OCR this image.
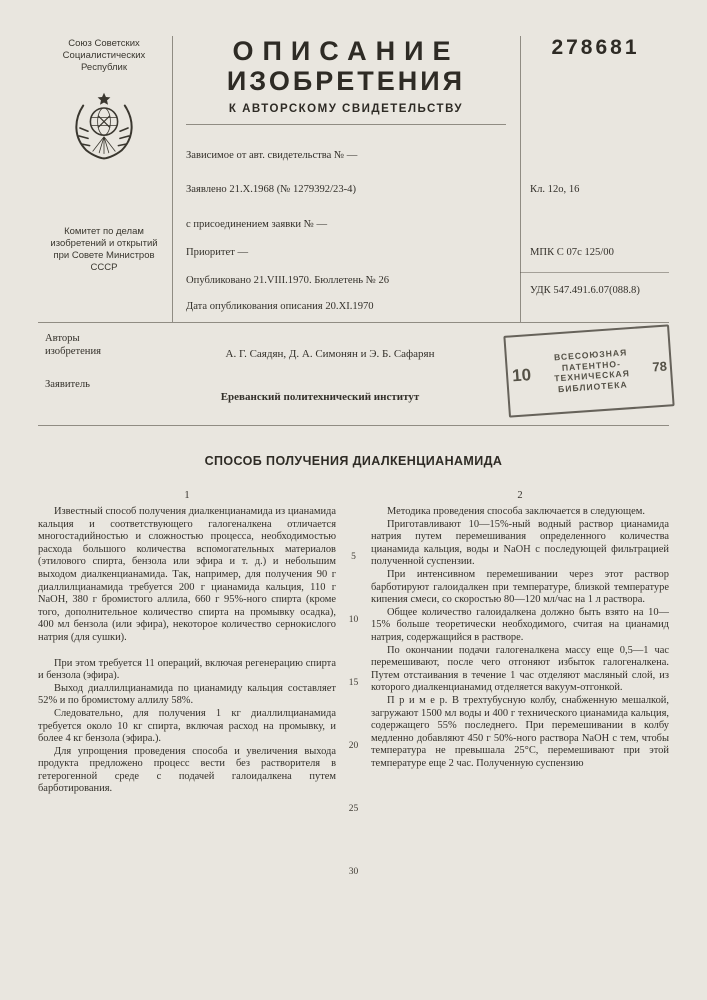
Союз Советских
Социалистических
Республик
Комитет по делам
изобретений и открытий
при Совете Министров
СССР
ОПИСАНИЕ
ИЗОБРЕТЕНИЯ
К АВТОРСКОМУ СВИДЕТЕЛЬСТВУ
Зависимое от авт. свидетельства № —
Заявлено 21.X.1968 (№ 1279392/23-4)
с присоединением заявки № —
Приоритет —
Опубликовано 21.VIII.1970. Бюллетень № 26
Дата опубликования описания 20.XI.1970
278681
Кл. 12о, 16
МПК С 07с 125/00
УДК 547.491.6.07(088.8)
Авторы
изобретения	А. Г. Саядян, Д. А. Симонян и Э. Б. Сафарян
Заявитель
Ереванский политехнический институт
10
ВСЕСОЮЗНАЯ
ПАТЕНТНО-
ТЕХНИЧЕСКАЯ
БИБЛИОТЕКА
78
СПОСОБ ПОЛУЧЕНИЯ ДИАЛКЕНЦИАНАМИДА
1

Известный способ получения диалкенцианамида из цианамида кальция и соответствующего галогеналкена отличается многостадийностью и сложностью процесса, необходимостью расхода большого количества вспомогательных материалов (этилового спирта, бензола или эфира и т. д.) и небольшим выходом диалкенцианамида. Так, например, для получения 90 г диаллилцианамида требуется 200 г цианамида кальция, 110 г NaOH, 380 г бромистого аллила, 660 г 95%-ного спирта (кроме того, дополнительное количество спирта на промывку осадка), 400 мл бензола (или эфира), некоторое количество сернокислого натрия (для сушки).

При этом требуется 11 операций, включая регенерацию спирта и бензола (эфира).

Выход диаллилцианамида по цианамиду кальция составляет 52% и по бромистому аллилу 58%.

Следовательно, для получения 1 кг диаллилцианамида требуется около 10 кг спирта, включая расход на промывку, и более 4 кг бензола (эфира.).

Для упрощения проведения способа и увеличения выхода продукта предложено процесс вести без растворителя в гетерогенной среде с подачей галоидалкена путем барботирования.

5
10
15
20
25
30
2

Методика проведения способа заключается в следующем.

Приготавливают 10—15%-ный водный раствор цианамида натрия путем перемешивания определенного количества цианамида кальция, воды и NaOH с последующей фильтрацией полученной суспензии.

При интенсивном перемешивании через этот раствор барботируют галоидалкен при температуре, близкой температуре кипения смеси, со скоростью 80—120 мл/час на 1 л раствора.

Общее количество галоидалкена должно быть взято на 10—15% больше теоретически необходимого, считая на цианамид натрия, содержащийся в растворе.

По окончании подачи галогеналкена массу еще 0,5—1 час перемешивают, после чего отгоняют избыток галогеналкена. Путем отстаивания в течение 1 час отделяют масляный слой, из которого диалкенцианамид отделяется вакуум-отгонкой.

П р и м е р. В трехтубусную колбу, снабженную мешалкой, загружают 1500 мл воды и 400 г технического цианамида кальция, содержащего 55% последнего. При перемешивании в колбу медленно добавляют 450 г 50%-ного раствора NaOH с тем, чтобы температура не превышала 25°С, перемешивают при этой температуре еще 2 час. Полученную суспензию
